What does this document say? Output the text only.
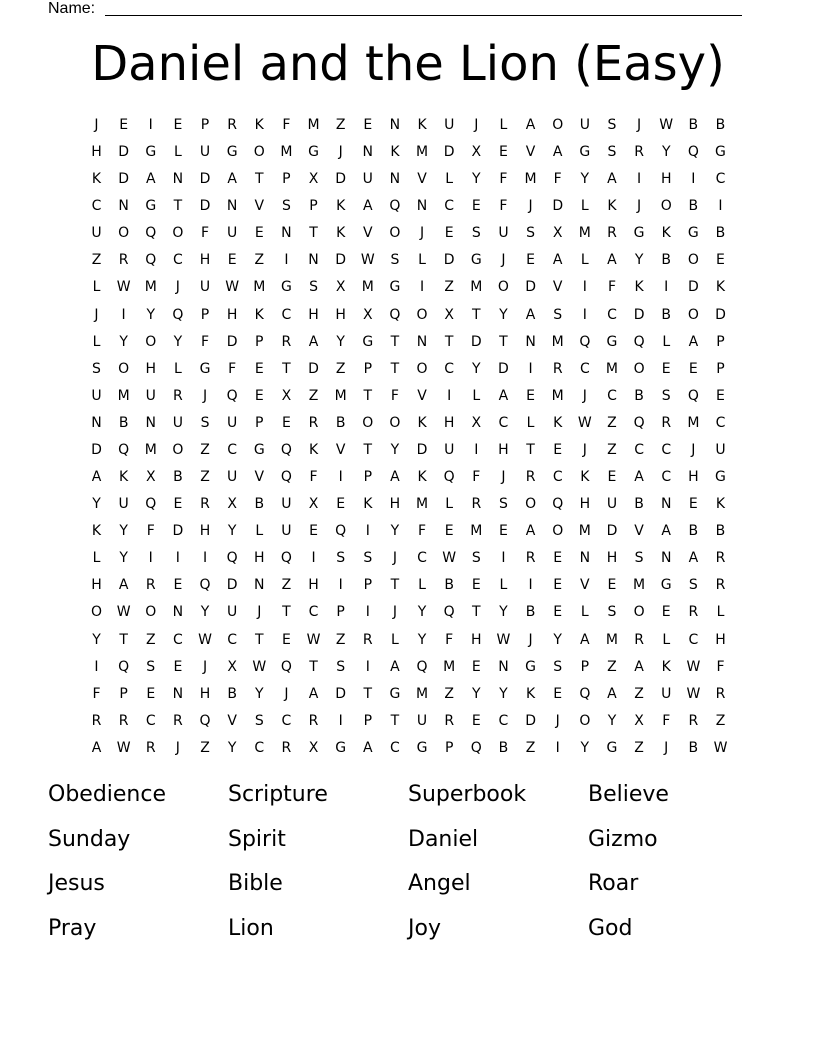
Name:
Daniel and the Lion (Easy)
J	E	I	E	P	R	K	F	M	Z	E	N	K	U	J	L	A	O	U	S	J	W	B	B
H	D	G	L	U	G	O	M	G	J	N	K	M	D	X	E	V	A	G	S	R	Y	Q	G
K	D	A	N	D	A	T	P	X	D	U	N	V	L	Y	F	M	F	Y	A	I	H	I	C
C	N	G	T	D	N	V	S	P	K	A	Q	N	C	E	F	J	D	L	K	J	O	B	I
U	O	Q	O	F	U	E	N	T	K	V	O	J	E	S	U	S	X	M	R	G	K	G	B
Z	R	Q	C	H	E	Z	I	N	D	W	S	L	D	G	J	E	A	L	A	Y	B	O	E
L	W	M	J	U	W	M	G	S	X	M	G	I	Z	M	O	D	V	I	F	K	I	D	K
J	I	Y	Q	P	H	K	C	H	H	X	Q	O	X	T	Y	A	S	I	C	D	B	O	D
L	Y	O	Y	F	D	P	R	A	Y	G	T	N	T	D	T	N	M	Q	G	Q	L	A	P
S	O	H	L	G	F	E	T	D	Z	P	T	O	C	Y	D	I	R	C	M	O	E	E	P
U	M	U	R	J	Q	E	X	Z	M	T	F	V	I	L	A	E	M	J	C	B	S	Q	E
N	B	N	U	S	U	P	E	R	B	O	O	K	H	X	C	L	K	W	Z	Q	R	M	C
D	Q	M	O	Z	C	G	Q	K	V	T	Y	D	U	I	H	T	E	J	Z	C	C	J	U
A	K	X	B	Z	U	V	Q	F	I	P	A	K	Q	F	J	R	C	K	E	A	C	H	G
Y	U	Q	E	R	X	B	U	X	E	K	H	M	L	R	S	O	Q	H	U	B	N	E	K
K	Y	F	D	H	Y	L	U	E	Q	I	Y	F	E	M	E	A	O	M	D	V	A	B	B
L	Y	I	I	I	Q	H	Q	I	S	S	J	C	W	S	I	R	E	N	H	S	N	A	R
H	A	R	E	Q	D	N	Z	H	I	P	T	L	B	E	L	I	E	V	E	M	G	S	R
O	W	O	N	Y	U	J	T	C	P	I	J	Y	Q	T	Y	B	E	L	S	O	E	R	L
Y	T	Z	C	W	C	T	E	W	Z	R	L	Y	F	H	W	J	Y	A	M	R	L	C	H
I	Q	S	E	J	X	W	Q	T	S	I	A	Q	M	E	N	G	S	P	Z	A	K	W	F
F	P	E	N	H	B	Y	J	A	D	T	G	M	Z	Y	Y	K	E	Q	A	Z	U	W	R
R	R	C	R	Q	V	S	C	R	I	P	T	U	R	E	C	D	J	O	Y	X	F	R	Z
A	W	R	J	Z	Y	C	R	X	G	A	C	G	P	Q	B	Z	I	Y	G	Z	J	B	W
Obedience	Scripture	Superbook	Believe
Sunday	Spirit	Daniel	Gizmo
Jesus	Bible	Angel	Roar
Pray	Lion	Joy	God
